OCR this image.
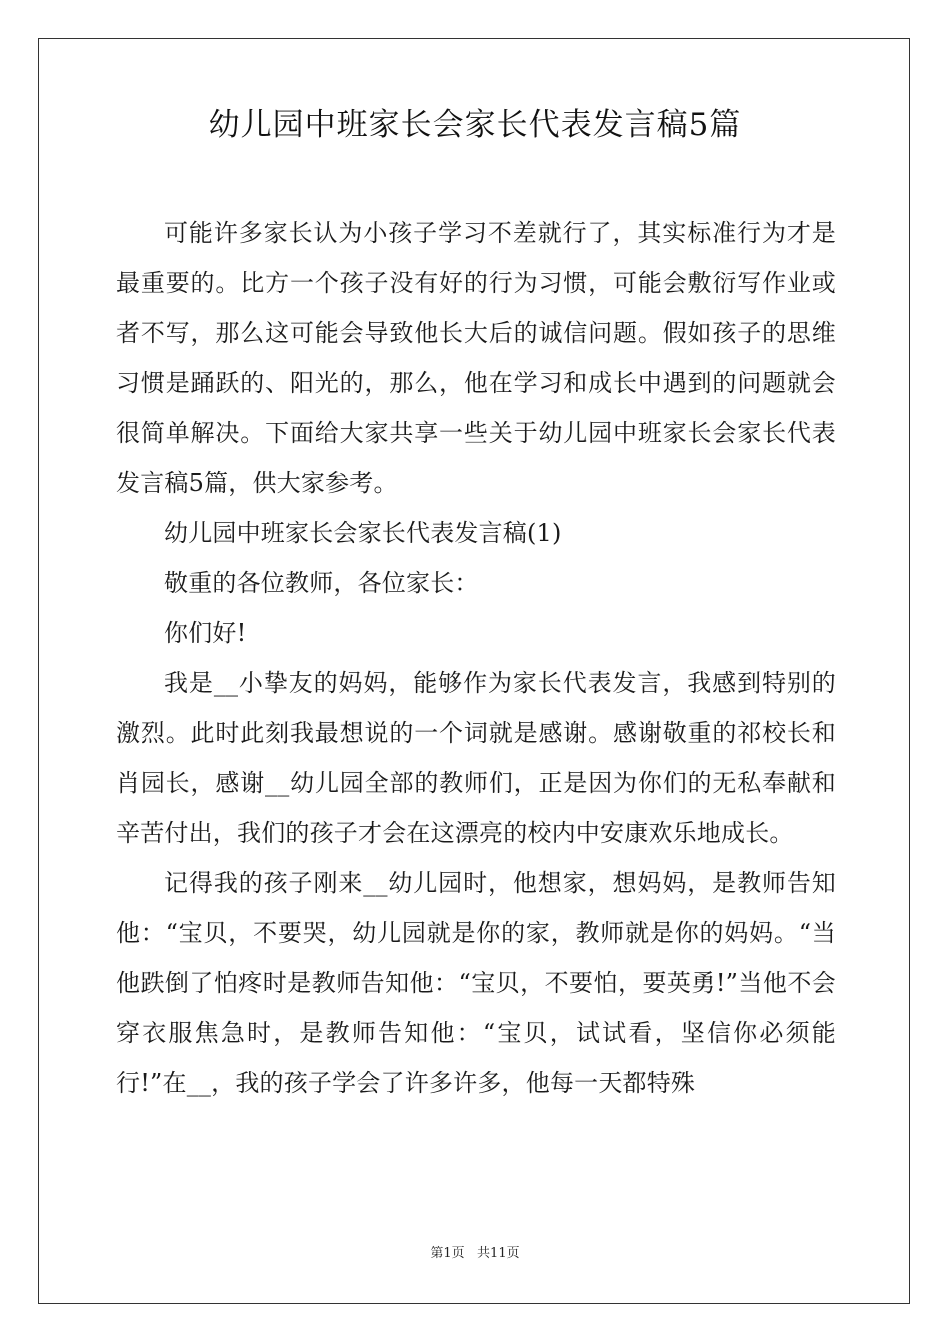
幼儿园中班家长会家长代表发言稿5篇

可能许多家长认为小孩子学习不差就行了，其实标准行为才是最重要的。比方一个孩子没有好的行为习惯，可能会敷衍写作业或者不写，那么这可能会导致他长大后的诚信问题。假如孩子的思维习惯是踊跃的、阳光的，那么，他在学习和成长中遇到的问题就会很简单解决。下面给大家共享一些关于幼儿园中班家长会家长代表发言稿5篇，供大家参考。

幼儿园中班家长会家长代表发言稿(1)

敬重的各位教师，各位家长：

你们好!

我是__小挚友的妈妈，能够作为家长代表发言，我感到特别的激烈。此时此刻我最想说的一个词就是感谢。感谢敬重的祁校长和肖园长，感谢__幼儿园全部的教师们，正是因为你们的无私奉献和辛苦付出，我们的孩子才会在这漂亮的校内中安康欢乐地成长。

记得我的孩子刚来__幼儿园时，他想家，想妈妈，是教师告知他：“宝贝，不要哭，幼儿园就是你的家，教师就是你的妈妈。“当他跌倒了怕疼时是教师告知他：“宝贝，不要怕，要英勇!”当他不会穿衣服焦急时，是教师告知他：“宝贝，试试看，坚信你必须能行!”在__，我的孩子学会了许多许多，他每一天都特殊

第1页   共11页
